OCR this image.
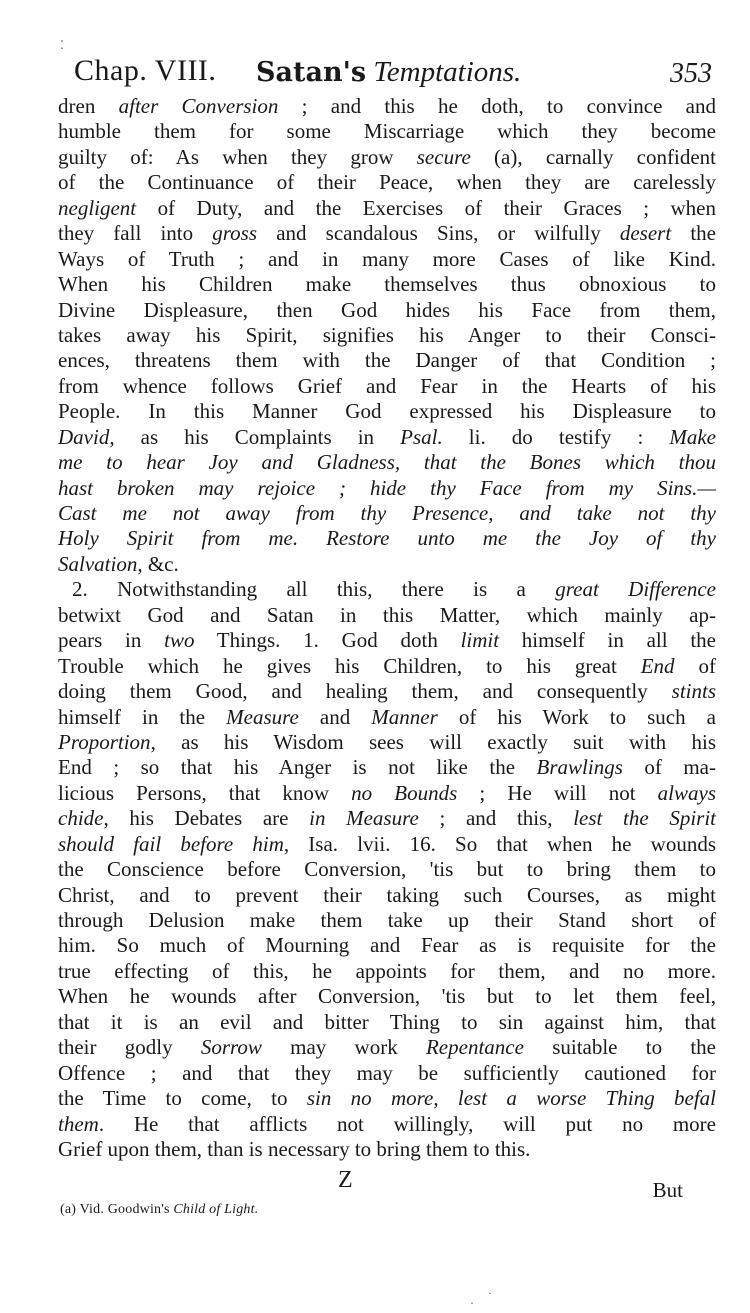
⁚
·
·
Chap. VIII. Satan's Temptations.	353
dren after Conversion ; and this he doth, to convince and
humble them for some Miscarriage which they become
guilty of: As when they grow secure (a), carnally confident
of the Continuance of their Peace, when they are carelessly
negligent of Duty, and the Exercises of their Graces ; when
they fall into gross and scandalous Sins, or wilfully desert the
Ways of Truth ; and in many more Cases of like Kind.
When his Children make themselves thus obnoxious to
Divine Displeasure, then God hides his Face from them,
takes away his Spirit, signifies his Anger to their Consci-
ences, threatens them with the Danger of that Condition ;
from whence follows Grief and Fear in the Hearts of his
People. In this Manner God expressed his Displeasure to
David, as his Complaints in Psal. li. do testify : Make
me to hear Joy and Gladness, that the Bones which thou
hast broken may rejoice ; hide thy Face from my Sins.—
Cast me not away from thy Presence, and take not thy
Holy Spirit from me. Restore unto me the Joy of thy
Salvation, &c.
2. Notwithstanding all this, there is a great Difference
betwixt God and Satan in this Matter, which mainly ap-
pears in two Things. 1. God doth limit himself in all the
Trouble which he gives his Children, to his great End of
doing them Good, and healing them, and consequently stints
himself in the Measure and Manner of his Work to such a
Proportion, as his Wisdom sees will exactly suit with his
End ; so that his Anger is not like the Brawlings of ma-
licious Persons, that know no Bounds ; He will not always
chide, his Debates are in Measure ; and this, lest the Spirit
should fail before him, Isa. lvii. 16. So that when he wounds
the Conscience before Conversion, 'tis but to bring them to
Christ, and to prevent their taking such Courses, as might
through Delusion make them take up their Stand short of
him. So much of Mourning and Fear as is requisite for the
true effecting of this, he appoints for them, and no more.
When he wounds after Conversion, 'tis but to let them feel,
that it is an evil and bitter Thing to sin against him, that
their godly Sorrow may work Repentance suitable to the
Offence ; and that they may be sufficiently cautioned for
the Time to come, to sin no more, lest a worse Thing befal
them. He that afflicts not willingly, will put no more
Grief upon them, than is necessary to bring them to this.
Z	But
(a) Vid. Goodwin's Child of Light.
